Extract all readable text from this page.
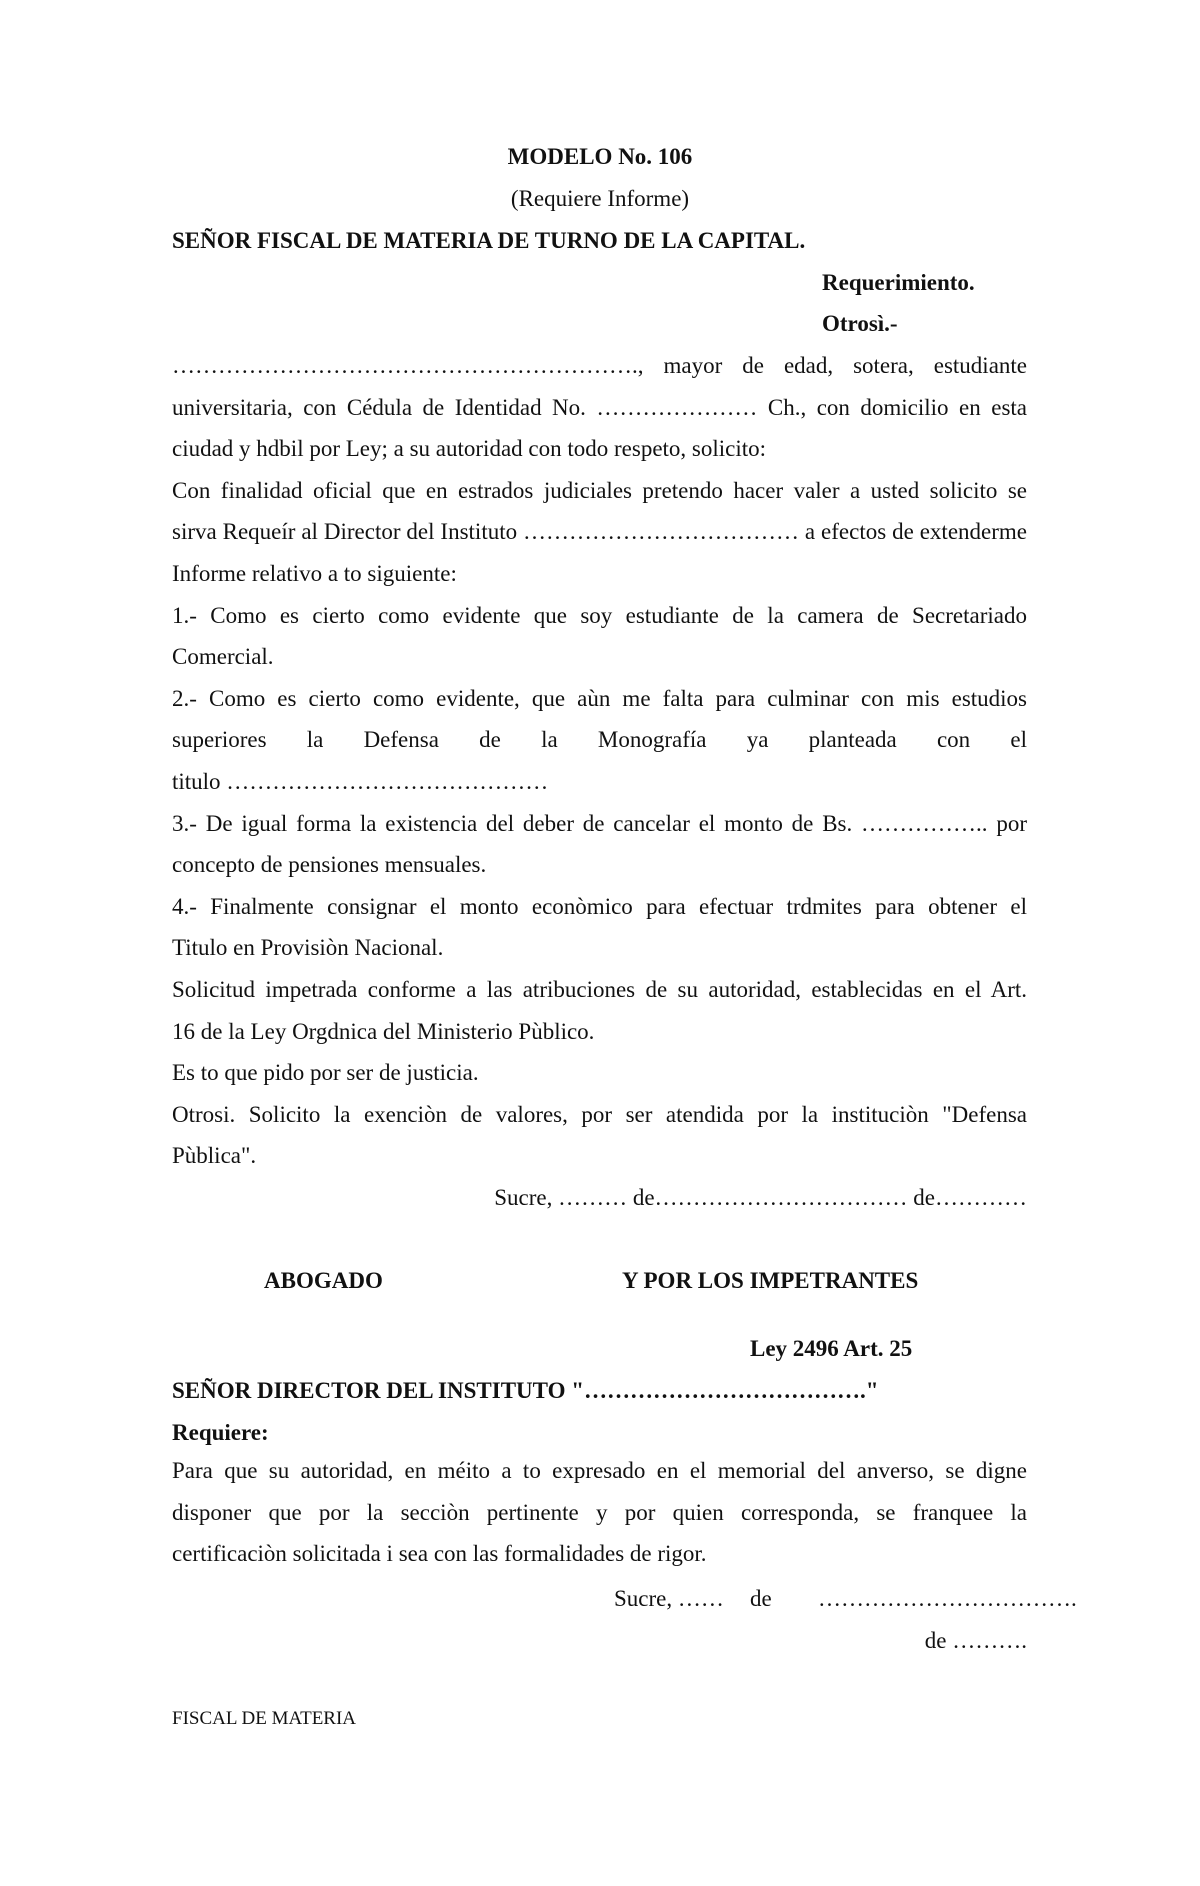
MODELO No. 106
(Requiere Informe)
SEÑOR FISCAL DE MATERIA DE TURNO DE LA CAPITAL.
Requerimiento.
Otrosì.-
……………………………………………………., mayor de edad, sotera, estudiante
universitaria, con Cédula de Identidad No. ………………… Ch., con domicilio en esta
ciudad y hdbil por Ley; a su autoridad con todo respeto, solicito:
Con finalidad oficial que en estrados judiciales pretendo hacer valer a usted solicito se
sirva Requeír al Director del Instituto ……………………………… a efectos de extenderme
Informe relativo a to siguiente:
1.- Como es cierto como evidente que soy estudiante de la camera de Secretariado
Comercial.
2.- Como es cierto como evidente, que aùn me falta para culminar con mis estudios
superiores la Defensa de la Monografía ya planteada con el
titulo ……………………………………
3.- De igual forma la existencia del deber de cancelar el monto de Bs. …………….. por
concepto de pensiones mensuales.
4.- Finalmente consignar el monto econòmico para efectuar trdmites para obtener el
Titulo en Provisiòn Nacional.
Solicitud impetrada conforme a las atribuciones de su autoridad, establecidas en el Art.
16 de la Ley Orgdnica del Ministerio Pùblico.
Es to que pido por ser de justicia.
Otrosi. Solicito la exenciòn de valores, por ser atendida por la instituciòn "Defensa
Pùblica".
Sucre, ……… de…………………………… de…………
ABOGADO	Y POR LOS IMPETRANTES
Ley 2496 Art. 25
SEÑOR DIRECTOR DEL INSTITUTO "………………………………."
Requiere:
Para que su autoridad, en méito a to expresado en el memorial del anverso, se digne
disponer que por la secciòn pertinente y por quien corresponda, se franquee la
certificaciòn solicitada i sea con las formalidades de rigor.
Sucre, …… de …………………………….
de ……….
FISCAL DE MATERIA
